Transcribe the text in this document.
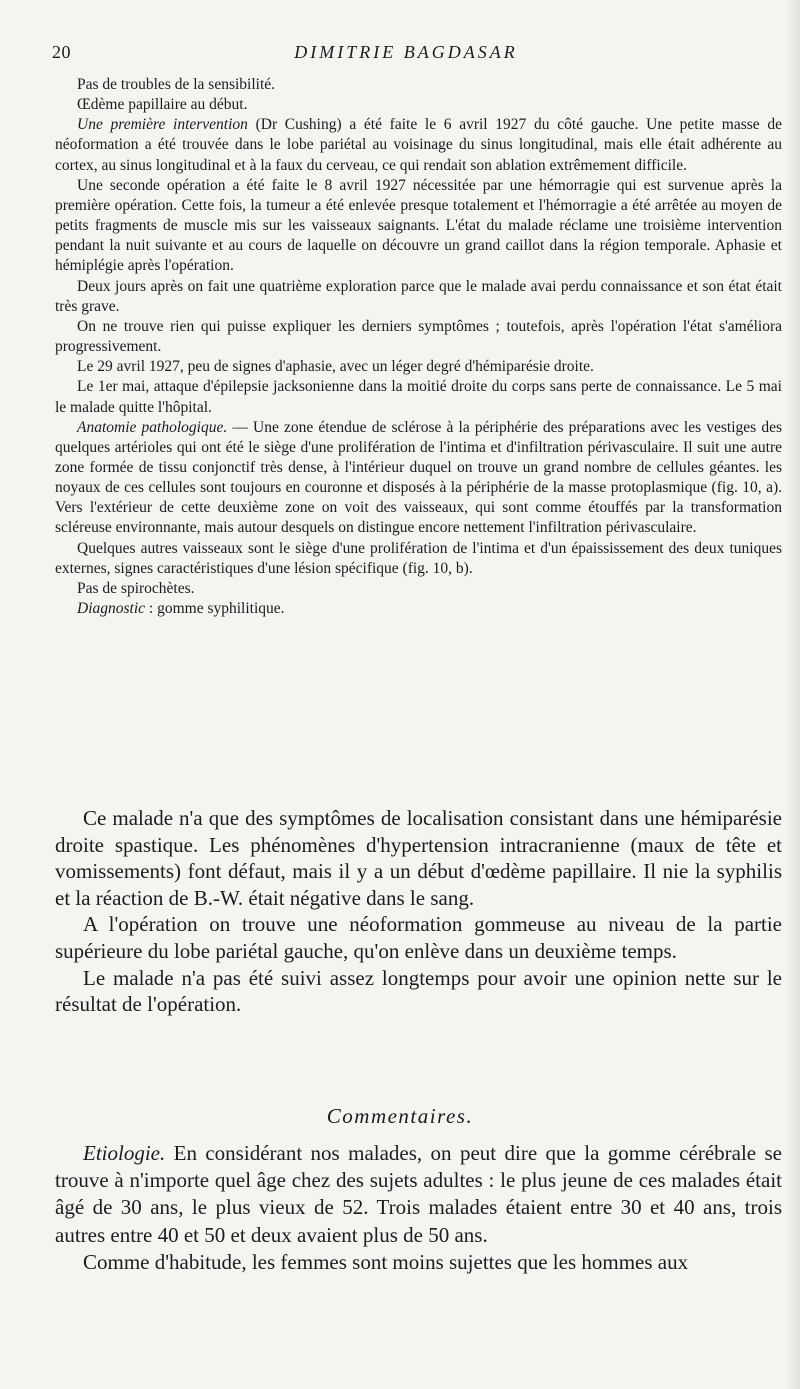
20	DIMITRIE BAGDASAR

Pas de troubles de la sensibilité.

Œdème papillaire au début.

Une première intervention (Dr Cushing) a été faite le 6 avril 1927 du côté gauche. Une petite masse de néoformation a été trouvée dans le lobe pariétal au voisinage du sinus longitudinal, mais elle était adhérente au cortex, au sinus longitudinal et à la faux du cerveau, ce qui rendait son ablation extrêmement difficile.

Une seconde opération a été faite le 8 avril 1927 nécessitée par une hémorragie qui est survenue après la première opération. Cette fois, la tumeur a été enlevée presque totalement et l'hémorragie a été arrêtée au moyen de petits fragments de muscle mis sur les vaisseaux saignants. L'état du malade réclame une troisième intervention pendant la nuit suivante et au cours de laquelle on découvre un grand caillot dans la région temporale. Aphasie et hémiplégie après l'opération.

Deux jours après on fait une quatrième exploration parce que le malade avai perdu connaissance et son état était très grave.

On ne trouve rien qui puisse expliquer les derniers symptômes ; toutefois, après l'opération l'état s'améliora progressivement.

Le 29 avril 1927, peu de signes d'aphasie, avec un léger degré d'hémiparésie droite.

Le 1er mai, attaque d'épilepsie jacksonienne dans la moitié droite du corps sans perte de connaissance. Le 5 mai le malade quitte l'hôpital.

Anatomie pathologique. — Une zone étendue de sclérose à la périphérie des préparations avec les vestiges des quelques artérioles qui ont été le siège d'une prolifération de l'intima et d'infiltration périvasculaire. Il suit une autre zone formée de tissu conjonctif très dense, à l'intérieur duquel on trouve un grand nombre de cellules géantes. les noyaux de ces cellules sont toujours en couronne et disposés à la périphérie de la masse protoplasmique (fig. 10, a). Vers l'extérieur de cette deuxième zone on voit des vaisseaux, qui sont comme étouffés par la transformation scléreuse environnante, mais autour desquels on distingue encore nettement l'infiltration périvasculaire.

Quelques autres vaisseaux sont le siège d'une prolifération de l'intima et d'un épaississement des deux tuniques externes, signes caractéristiques d'une lésion spécifique (fig. 10, b).

Pas de spirochètes.

Diagnostic : gomme syphilitique.

Ce malade n'a que des symptômes de localisation consistant dans une hémiparésie droite spastique. Les phénomènes d'hypertension intracranienne (maux de tête et vomissements) font défaut, mais il y a un début d'œdème papillaire. Il nie la syphilis et la réaction de B.-W. était négative dans le sang.

A l'opération on trouve une néoformation gommeuse au niveau de la partie supérieure du lobe pariétal gauche, qu'on enlève dans un deuxième temps.

Le malade n'a pas été suivi assez longtemps pour avoir une opinion nette sur le résultat de l'opération.

Commentaires.

Etiologie. En considérant nos malades, on peut dire que la gomme cérébrale se trouve à n'importe quel âge chez des sujets adultes : le plus jeune de ces malades était âgé de 30 ans, le plus vieux de 52. Trois malades étaient entre 30 et 40 ans, trois autres entre 40 et 50 et deux avaient plus de 50 ans.

Comme d'habitude, les femmes sont moins sujettes que les hommes aux
